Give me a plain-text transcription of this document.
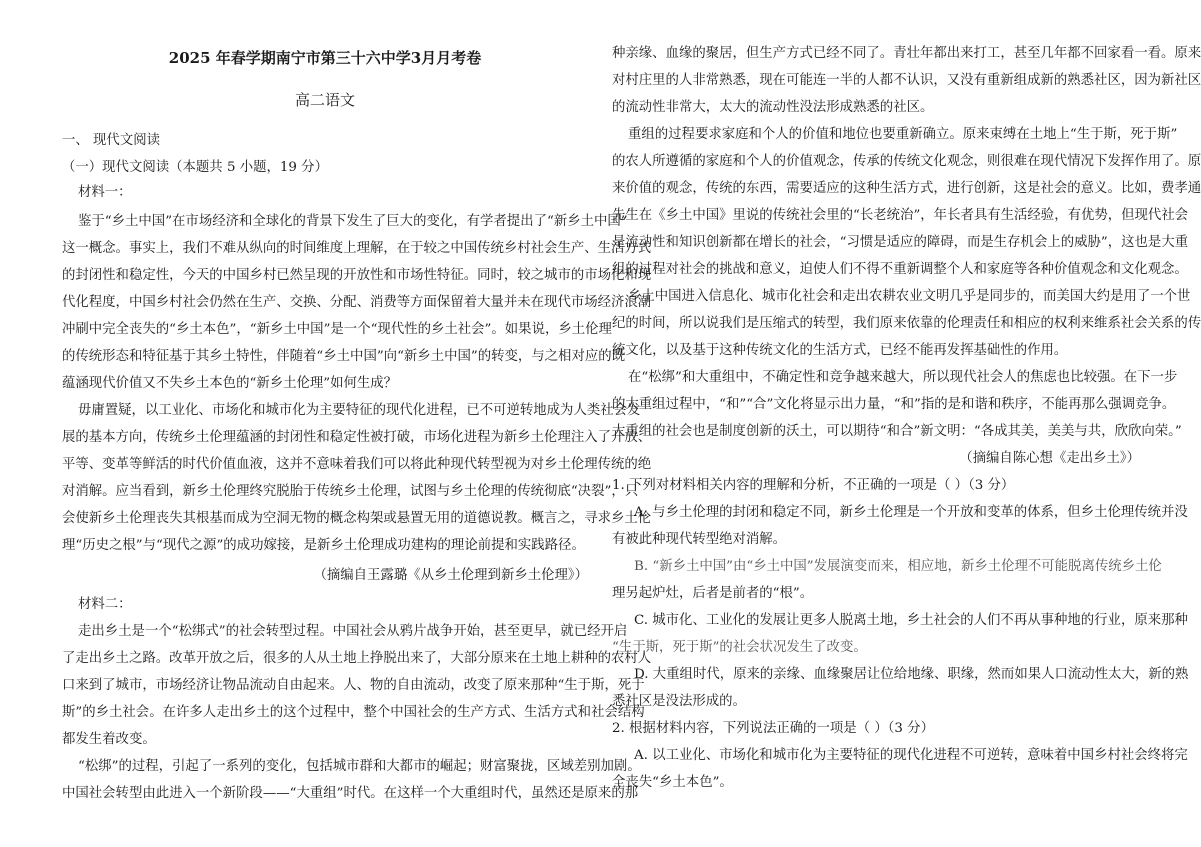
2025 年春学期南宁市第三十六中学3月月考卷
高二语文
一、 现代文阅读
（一）现代文阅读（本题共 5 小题，19 分）
材料一：
鉴于“乡土中国”在市场经济和全球化的背景下发生了巨大的变化，有学者提出了“新乡土中国”
这一概念。事实上，我们不难从纵向的时间维度上理解，在于较之中国传统乡村社会生产、生活方式
的封闭性和稳定性，今天的中国乡村已然呈现的开放性和市场性特征。同时，较之城市的市场化和现
代化程度，中国乡村社会仍然在生产、交换、分配、消费等方面保留着大量并未在现代市场经济浪潮
冲刷中完全丧失的“乡土本色”，“新乡土中国”是一个“现代性的乡土社会”。如果说，乡土伦理
的传统形态和特征基于其乡土特性，伴随着“乡土中国”向“新乡土中国”的转变，与之相对应的既
蕴涵现代价值又不失乡土本色的“新乡土伦理”如何生成？
毋庸置疑，以工业化、市场化和城市化为主要特征的现代化进程，已不可逆转地成为人类社会发
展的基本方向，传统乡土伦理蕴涵的封闭性和稳定性被打破，市场化进程为新乡土伦理注入了开放、
平等、变革等鲜活的时代价值血液，这并不意味着我们可以将此种现代转型视为对乡土伦理传统的绝
对消解。应当看到，新乡土伦理终究脱胎于传统乡土伦理，试图与乡土伦理的传统彻底“决裂”，只
会使新乡土伦理丧失其根基而成为空洞无物的概念构架或悬置无用的道德说教。概言之，寻求乡土伦
理“历史之根”与“现代之源”的成功嫁接，是新乡土伦理成功建构的理论前提和实践路径。
（摘编自王露璐《从乡土伦理到新乡土伦理》）
材料二：
走出乡土是一个“松绑式”的社会转型过程。中国社会从鸦片战争开始，甚至更早，就已经开启
了走出乡土之路。改革开放之后，很多的人从土地上挣脱出来了，大部分原来在土地上耕种的农村人
口来到了城市，市场经济让物品流动自由起来。人、物的自由流动，改变了原来那种“生于斯，死于
斯”的乡土社会。在许多人走出乡土的这个过程中，整个中国社会的生产方式、生活方式和社会结构
都发生着改变。
“松绑”的过程，引起了一系列的变化，包括城市群和大都市的崛起；财富聚拢，区域差别加剧。
中国社会转型由此进入一个新阶段——“大重组”时代。在这样一个大重组时代，虽然还是原来的那
种亲缘、血缘的聚居，但生产方式已经不同了。青壮年都出来打工，甚至几年都不回家看一看。原来
对村庄里的人非常熟悉，现在可能连一半的人都不认识，又没有重新组成新的熟悉社区，因为新社区
的流动性非常大，太大的流动性没法形成熟悉的社区。
重组的过程要求家庭和个人的价值和地位也要重新确立。原来束缚在土地上“生于斯，死于斯”
的农人所遵循的家庭和个人的价值观念，传承的传统文化观念，则很难在现代情况下发挥作用了。原
来价值的观念，传统的东西，需要适应的这种生活方式，进行创新，这是社会的意义。比如，费孝通
先生在《乡土中国》里说的传统社会里的“长老统治”，年长者具有生活经验，有优势，但现代社会
是流动性和知识创新都在增长的社会，“习惯是适应的障碍，而是生存机会上的威胁”，这也是大重
组的过程对社会的挑战和意义，迫使人们不得不重新调整个人和家庭等各种价值观念和文化观念。
乡土中国进入信息化、城市化社会和走出农耕农业文明几乎是同步的，而美国大约是用了一个世
纪的时间，所以说我们是压缩式的转型，我们原来依靠的伦理责任和相应的权利来维系社会关系的传
统文化，以及基于这种传统文化的生活方式，已经不能再发挥基础性的作用。
在“松绑”和大重组中，不确定性和竞争越来越大，所以现代社会人的焦虑也比较强。在下一步
的大重组过程中，“和”“合”文化将显示出力量，“和”指的是和谐和秩序，不能再那么强调竞争。
大重组的社会也是制度创新的沃土，可以期待“和合”新文明：“各成其美，美美与共，欣欣向荣。”
（摘编自陈心想《走出乡土》）
1. 下列对材料相关内容的理解和分析，不正确的一项是（ ）（3 分）
A. 与乡土伦理的封闭和稳定不同，新乡土伦理是一个开放和变革的体系，但乡土伦理传统并没
有被此种现代转型绝对消解。
B. “新乡土中国”由“乡土中国”发展演变而来，相应地，新乡土伦理不可能脱离传统乡土伦
理另起炉灶，后者是前者的“根”。
C. 城市化、工业化的发展让更多人脱离土地，乡土社会的人们不再从事种地的行业，原来那种
“生于斯，死于斯”的社会状况发生了改变。
D. 大重组时代，原来的亲缘、血缘聚居让位给地缘、职缘，然而如果人口流动性太大，新的熟
悉社区是没法形成的。
2. 根据材料内容，下列说法正确的一项是（ ）（3 分）
A. 以工业化、市场化和城市化为主要特征的现代化进程不可逆转，意味着中国乡村社会终将完
全丧失“乡土本色”。
